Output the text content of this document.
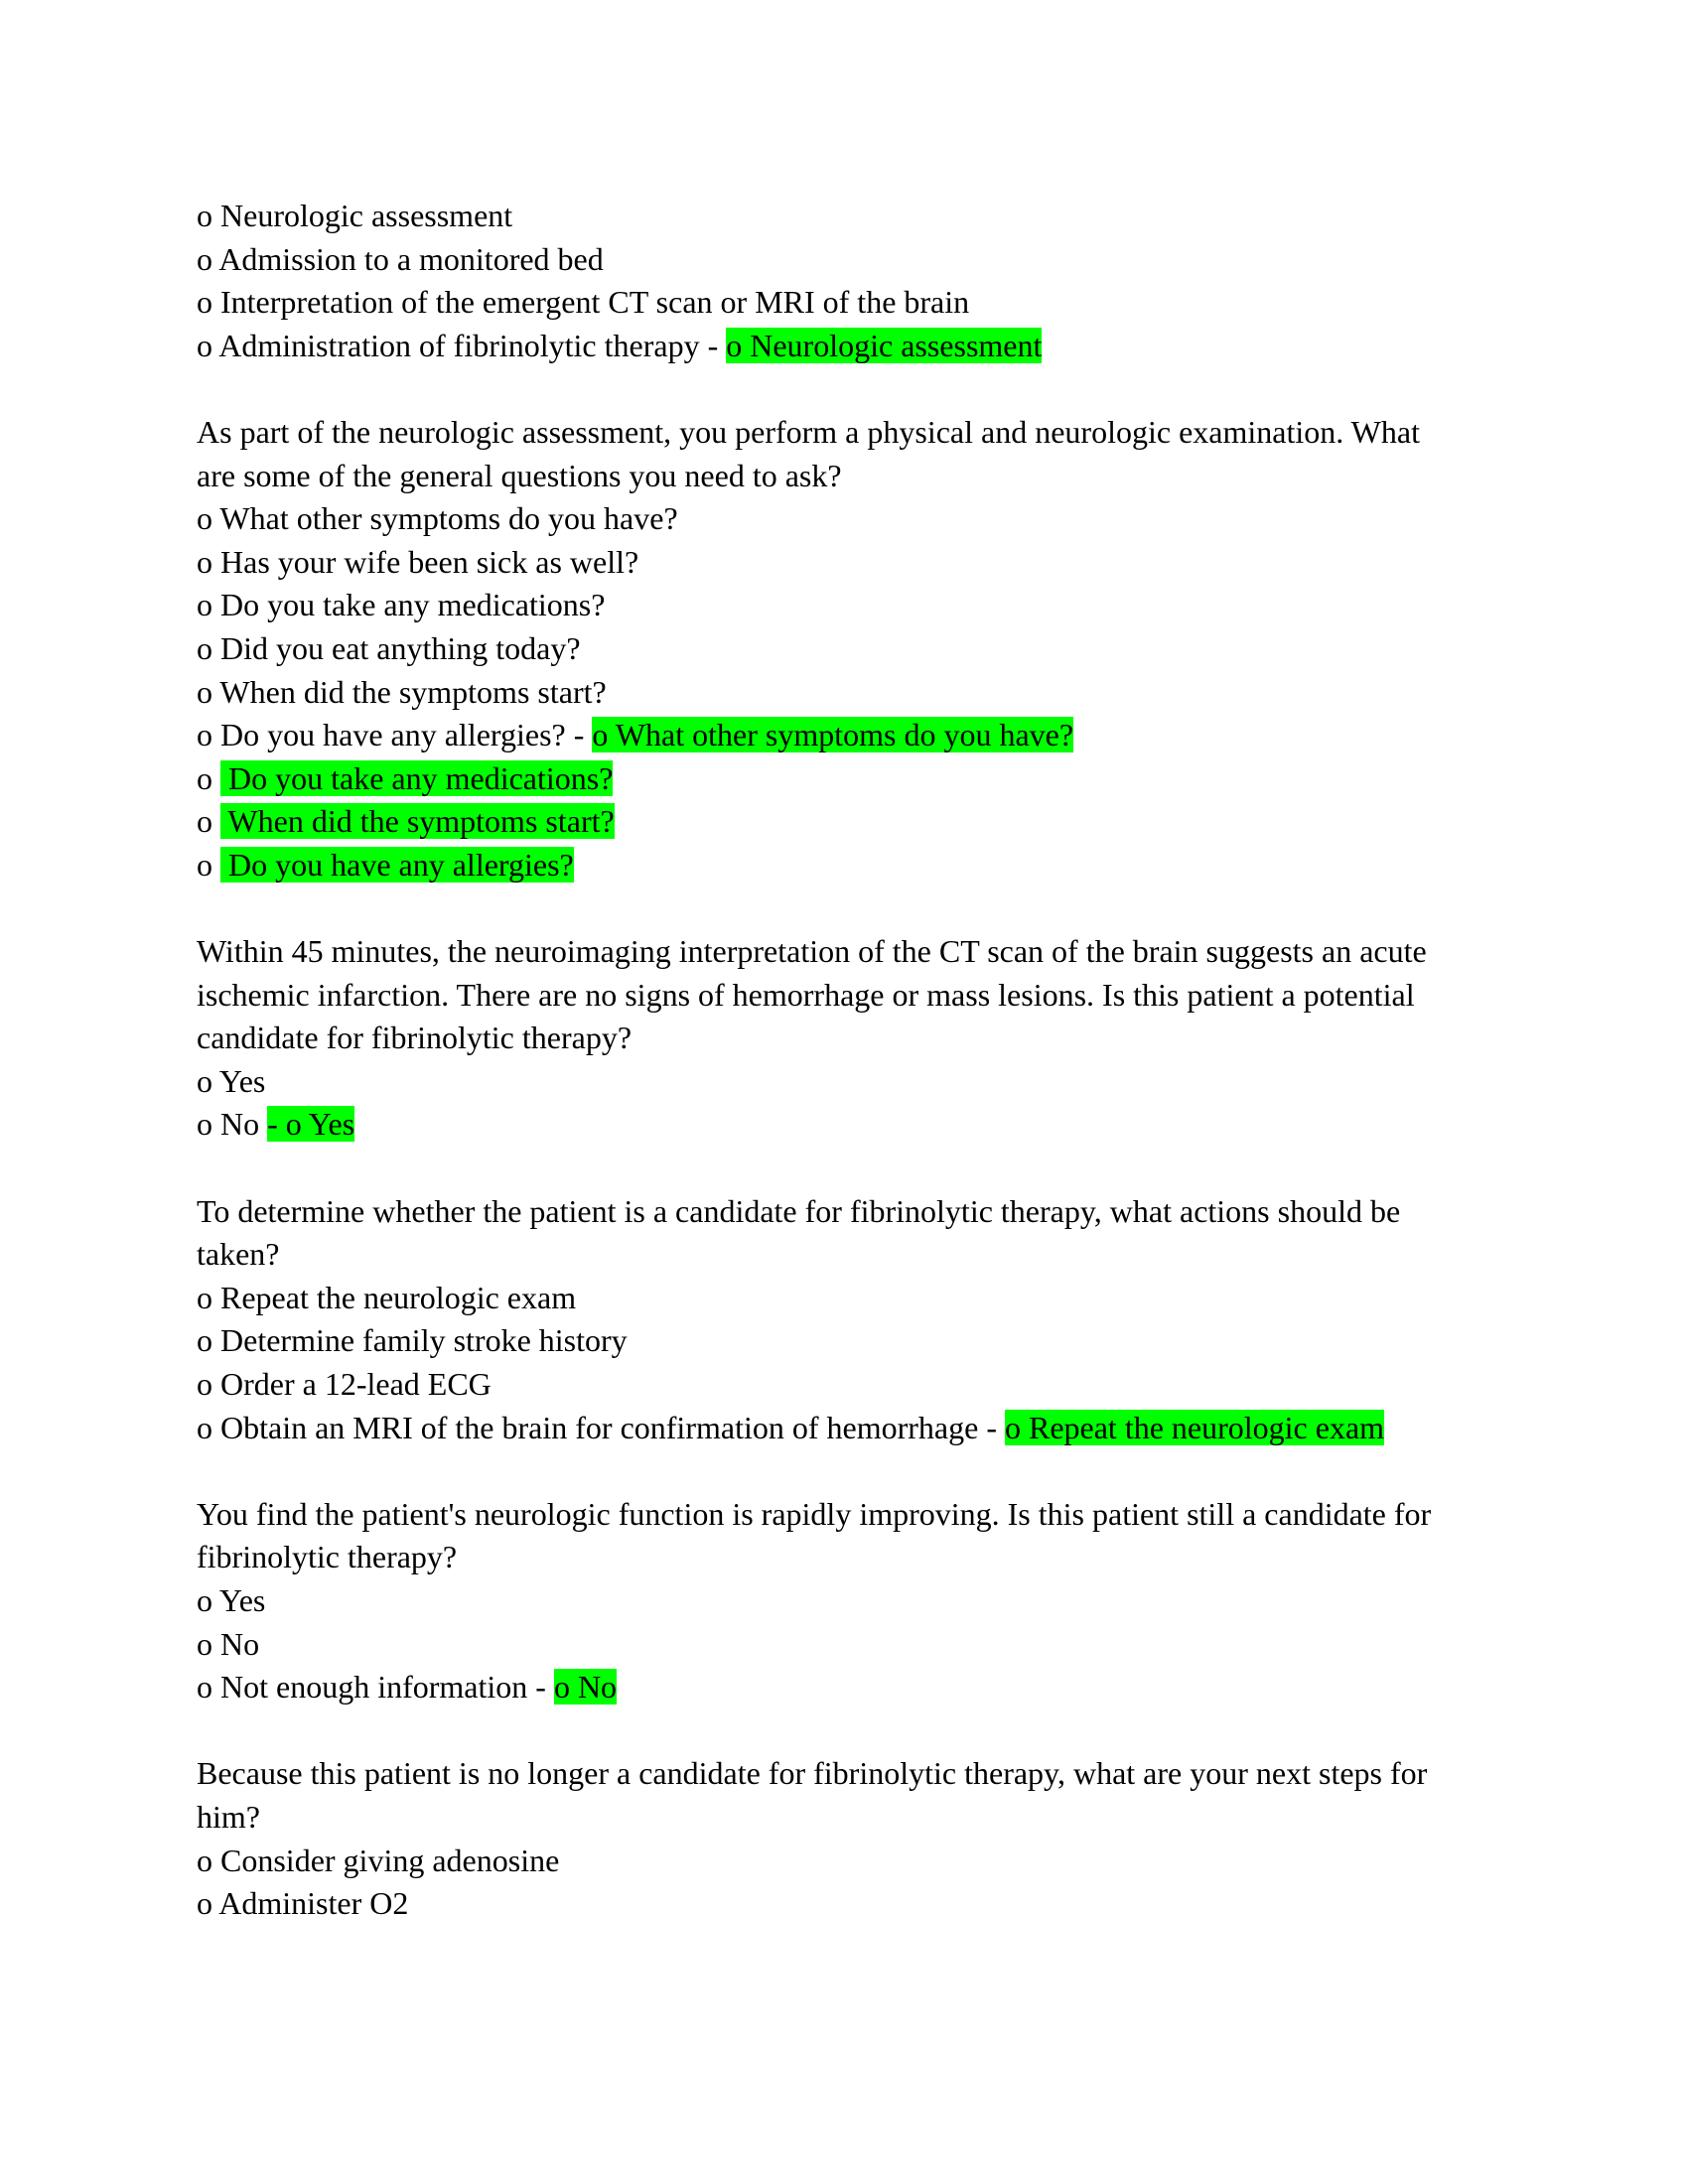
o Neurologic assessment
o Admission to a monitored bed
o Interpretation of the emergent CT scan or MRI of the brain
o Administration of fibrinolytic therapy - o Neurologic assessment
As part of the neurologic assessment, you perform a physical and neurologic examination. What
are some of the general questions you need to ask?
o What other symptoms do you have?
o Has your wife been sick as well?
o Do you take any medications?
o Did you eat anything today?
o When did the symptoms start?
o Do you have any allergies? - o What other symptoms do you have?
o  Do you take any medications?
o  When did the symptoms start?
o  Do you have any allergies?
Within 45 minutes, the neuroimaging interpretation of the CT scan of the brain suggests an acute
ischemic infarction. There are no signs of hemorrhage or mass lesions. Is this patient a potential
candidate for fibrinolytic therapy?
o Yes
o No - o Yes
To determine whether the patient is a candidate for fibrinolytic therapy, what actions should be
taken?
o Repeat the neurologic exam
o Determine family stroke history
o Order a 12-lead ECG
o Obtain an MRI of the brain for confirmation of hemorrhage - o Repeat the neurologic exam
You find the patient's neurologic function is rapidly improving. Is this patient still a candidate for
fibrinolytic therapy?
o Yes
o No
o Not enough information - o No
Because this patient is no longer a candidate for fibrinolytic therapy, what are your next steps for
him?
o Consider giving adenosine
o Administer O2
